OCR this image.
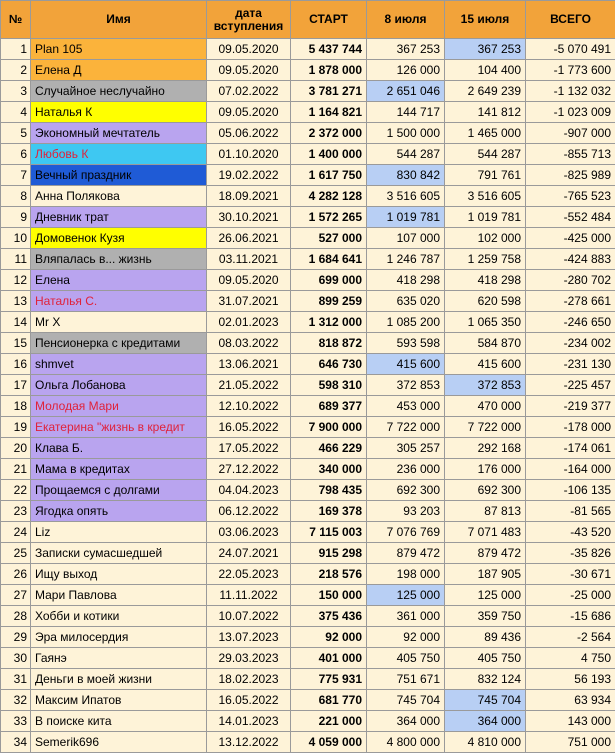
№	Имя	дата вступления	СТАРТ	8 июля	15 июля	ВСЕГО
1	Plan 105	09.05.2020	5 437 744	367 253	367 253	-5 070 491
2	Елена Д	09.05.2020	1 878 000	126 000	104 400	-1 773 600
3	Случайное неслучайно	07.02.2022	3 781 271	2 651 046	2 649 239	-1 132 032
4	Наталья К	09.05.2020	1 164 821	144 717	141 812	-1 023 009
5	Экономный мечтатель	05.06.2022	2 372 000	1 500 000	1 465 000	-907 000
6	Любовь К	01.10.2020	1 400 000	544 287	544 287	-855 713
7	Вечный праздник	19.02.2022	1 617 750	830 842	791 761	-825 989
8	Анна Полякова	18.09.2021	4 282 128	3 516 605	3 516 605	-765 523
9	Дневник трат	30.10.2021	1 572 265	1 019 781	1 019 781	-552 484
10	Домовенок Кузя	26.06.2021	527 000	107 000	102 000	-425 000
11	Вляпалась в... жизнь	03.11.2021	1 684 641	1 246 787	1 259 758	-424 883
12	Елена	09.05.2020	699 000	418 298	418 298	-280 702
13	Наталья С.	31.07.2021	899 259	635 020	620 598	-278 661
14	Mr X	02.01.2023	1 312 000	1 085 200	1 065 350	-246 650
15	Пенсионерка с кредитами	08.03.2022	818 872	593 598	584 870	-234 002
16	shmvet	13.06.2021	646 730	415 600	415 600	-231 130
17	Ольга Лобанова	21.05.2022	598 310	372 853	372 853	-225 457
18	Молодая Мари	12.10.2022	689 377	453 000	470 000	-219 377
19	Екатерина "жизнь в кредит	16.05.2022	7 900 000	7 722 000	7 722 000	-178 000
20	Клава Б.	17.05.2022	466 229	305 257	292 168	-174 061
21	Мама в кредитах	27.12.2022	340 000	236 000	176 000	-164 000
22	Прощаемся с долгами	04.04.2023	798 435	692 300	692 300	-106 135
23	Ягодка опять	06.12.2022	169 378	93 203	87 813	-81 565
24	Liz	03.06.2023	7 115 003	7 076 769	7 071 483	-43 520
25	Записки сумасшедшей	24.07.2021	915 298	879 472	879 472	-35 826
26	Ищу выход	22.05.2023	218 576	198 000	187 905	-30 671
27	Мари Павлова	11.11.2022	150 000	125 000	125 000	-25 000
28	Хобби и котики	10.07.2022	375 436	361 000	359 750	-15 686
29	Эра милосердия	13.07.2023	92 000	92 000	89 436	-2 564
30	Гаянэ	29.03.2023	401 000	405 750	405 750	4 750
31	Деньги в моей жизни	18.02.2023	775 931	751 671	832 124	56 193
32	Максим Ипатов	16.05.2022	681 770	745 704	745 704	63 934
33	В поиске кита	14.01.2023	221 000	364 000	364 000	143 000
34	Semerik696	13.12.2022	4 059 000	4 800 000	4 810 000	751 000
